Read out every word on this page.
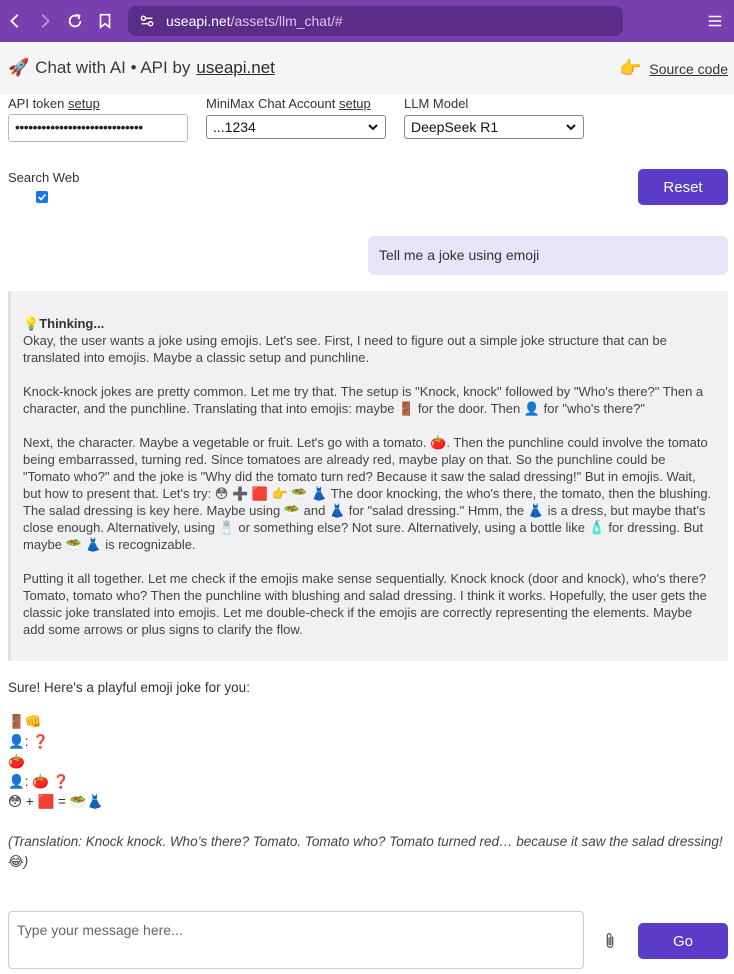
useapi.net /assets/llm_chat/#
🚀 Chat with AI • API by useapi.net	👉 Source code
API token setup
•••••••••••••••••••••••••••••
MiniMax Chat Account setup
...1234
LLM Model
DeepSeek R1
Search Web
Reset
Tell me a joke using emoji
💡Thinking...

Okay, the user wants a joke using emojis. Let's see. First, I need to figure out a simple joke structure that can be translated into emojis. Maybe a classic setup and punchline.

Knock-knock jokes are pretty common. Let me try that. The setup is "Knock, knock" followed by "Who's there?" Then a character, and the punchline. Translating that into emojis: maybe 🚪 for the door. Then 👤 for "who's there?"

Next, the character. Maybe a vegetable or fruit. Let's go with a tomato. 🍅. Then the punchline could involve the tomato being embarrassed, turning red. Since tomatoes are already red, maybe play on that. So the punchline could be "Tomato who?" and the joke is "Why did the tomato turn red? Because it saw the salad dressing!" But in emojis. Wait, but how to present that. Let's try: 😳 ➕ 🟥 👉 🥗 👗 The door knocking, the who's there, the tomato, then the blushing. The salad dressing is key here. Maybe using 🥗 and 👗 for "salad dressing." Hmm, the 👗 is a dress, but maybe that's close enough. Alternatively, using 🧂 or something else? Not sure. Alternatively, using a bottle like 🧴 for dressing. But maybe 🥗 👗 is recognizable.

Putting it all together. Let me check if the emojis make sense sequentially. Knock knock (door and knock), who's there? Tomato, tomato who? Then the punchline with blushing and salad dressing. I think it works. Hopefully, the user gets the classic joke translated into emojis. Let me double-check if the emojis are correctly representing the elements. Maybe add some arrows or plus signs to clarify the flow.

Sure! Here's a playful emoji joke for you:
🚪👊
👤: ❓
🍅
👤: 🍅 ❓
😳 + 🟥 = 🥗👗
(Translation: Knock knock. Who’s there? Tomato. Tomato who? Tomato turned red… because it saw the salad dressing! 😂)
Type your message here...
Go
